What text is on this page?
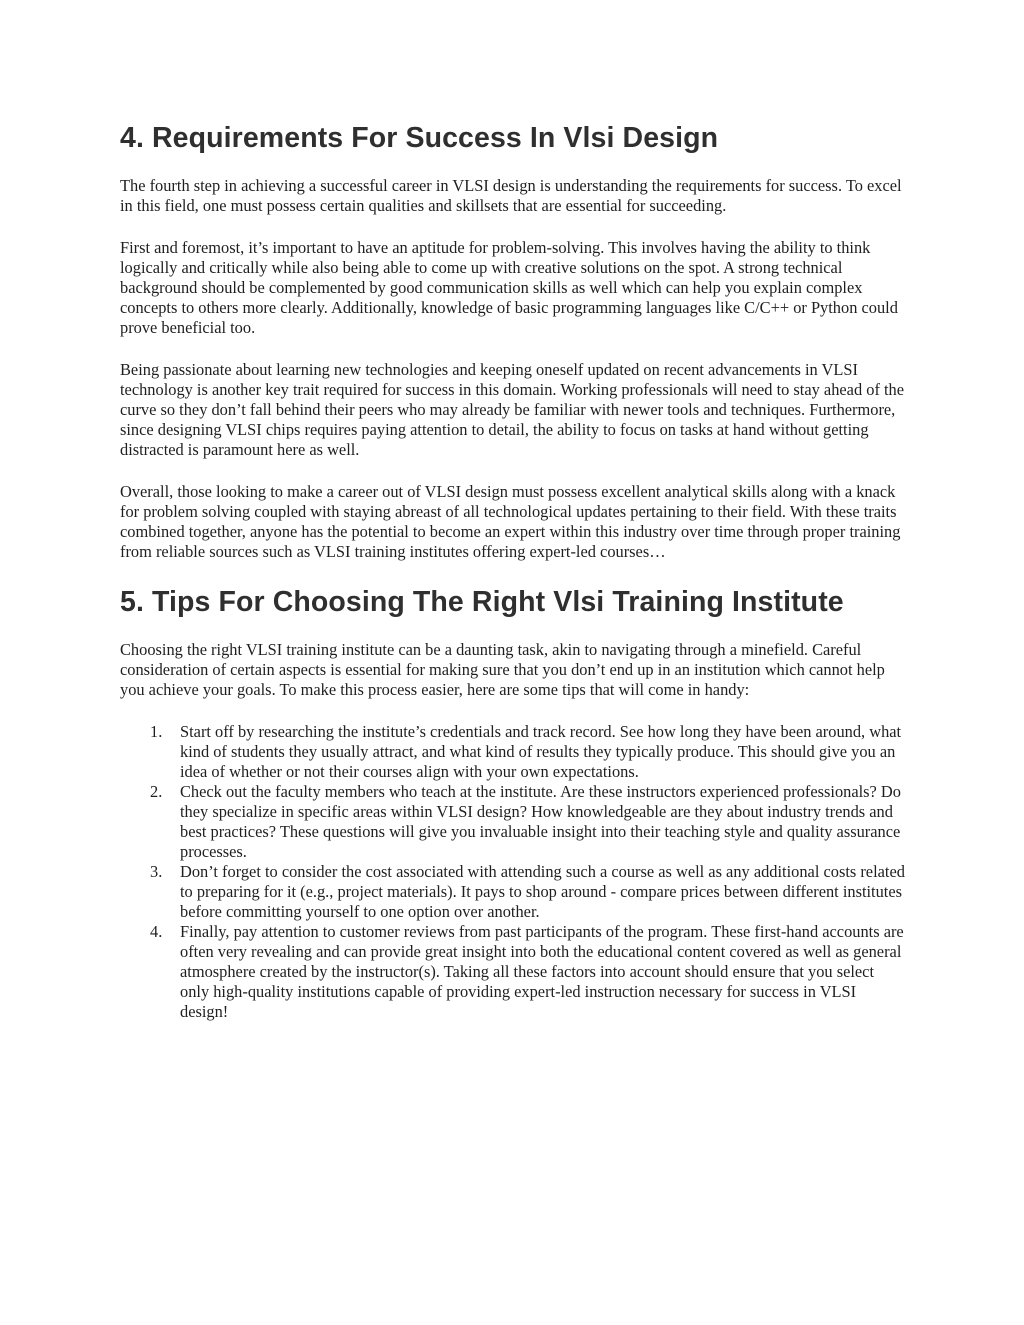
4. Requirements For Success In Vlsi Design

The fourth step in achieving a successful career in VLSI design is understanding the requirements for success. To excel in this field, one must possess certain qualities and skillsets that are essential for succeeding.

First and foremost, it’s important to have an aptitude for problem-solving. This involves having the ability to think logically and critically while also being able to come up with creative solutions on the spot. A strong technical background should be complemented by good communication skills as well which can help you explain complex concepts to others more clearly. Additionally, knowledge of basic programming languages like C/C++ or Python could prove beneficial too.

Being passionate about learning new technologies and keeping oneself updated on recent advancements in VLSI technology is another key trait required for success in this domain. Working professionals will need to stay ahead of the curve so they don’t fall behind their peers who may already be familiar with newer tools and techniques. Furthermore, since designing VLSI chips requires paying attention to detail, the ability to focus on tasks at hand without getting distracted is paramount here as well.

Overall, those looking to make a career out of VLSI design must possess excellent analytical skills along with a knack for problem solving coupled with staying abreast of all technological updates pertaining to their field. With these traits combined together, anyone has the potential to become an expert within this industry over time through proper training from reliable sources such as VLSI training institutes offering expert-led courses…

5. Tips For Choosing The Right Vlsi Training Institute

Choosing the right VLSI training institute can be a daunting task, akin to navigating through a minefield. Careful consideration of certain aspects is essential for making sure that you don’t end up in an institution which cannot help you achieve your goals. To make this process easier, here are some tips that will come in handy:

1. Start off by researching the institute’s credentials and track record. See how long they have been around, what kind of students they usually attract, and what kind of results they typically produce. This should give you an idea of whether or not their courses align with your own expectations.
2. Check out the faculty members who teach at the institute. Are these instructors experienced professionals? Do they specialize in specific areas within VLSI design? How knowledgeable are they about industry trends and best practices? These questions will give you invaluable insight into their teaching style and quality assurance processes.
3. Don’t forget to consider the cost associated with attending such a course as well as any additional costs related to preparing for it (e.g., project materials). It pays to shop around - compare prices between different institutes before committing yourself to one option over another.
4. Finally, pay attention to customer reviews from past participants of the program. These first-hand accounts are often very revealing and can provide great insight into both the educational content covered as well as general atmosphere created by the instructor(s). Taking all these factors into account should ensure that you select only high-quality institutions capable of providing expert-led instruction necessary for success in VLSI design!
